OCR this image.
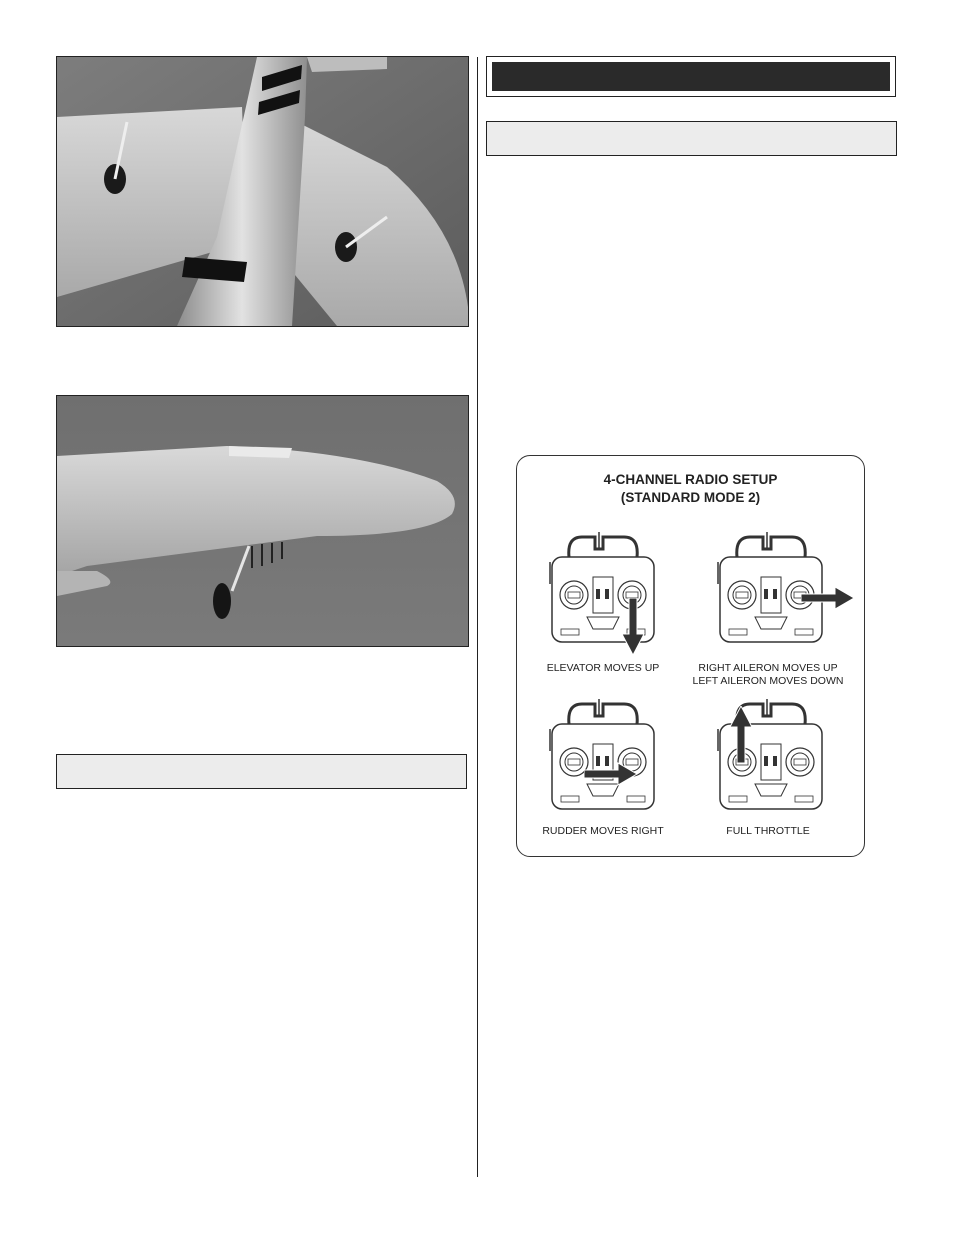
4-CHANNEL RADIO SETUP
(STANDARD MODE 2)
ELEVATOR MOVES UP	RIGHT AILERON MOVES UP
LEFT AILERON MOVES DOWN
RUDDER MOVES RIGHT	FULL THROTTLE
